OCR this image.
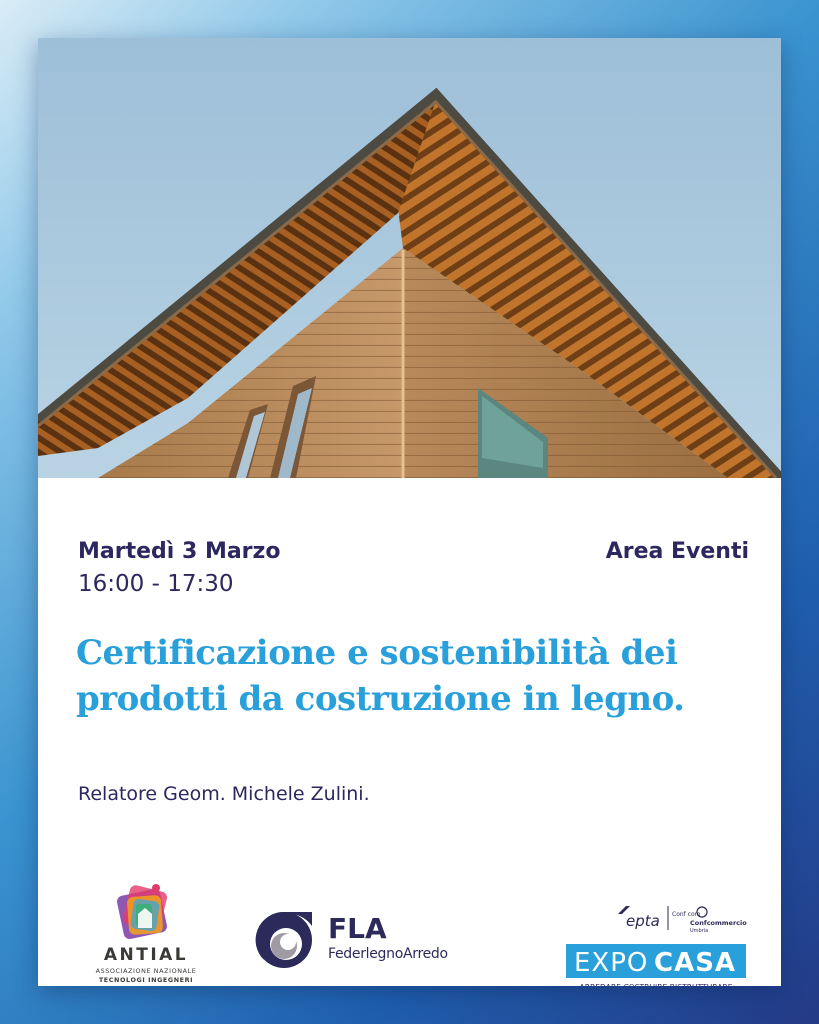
Martedì 3 Marzo
16:00 - 17:30
Area Eventi
Certificazione e sostenibilità dei
prodotti da costruzione in legno.
Relatore Geom. Michele Zulini.
ANTIAL
ASSOCIAZIONE NAZIONALE
TECNOLOGI INGEGNERI
ARCHITETTI DEL LEGNO
FLA
FederlegnoArredo
epta Conf com
Confcommercio
Umbria
EXPO CASA
ARREDARE COSTRUIRE RISTRUTTURARE
